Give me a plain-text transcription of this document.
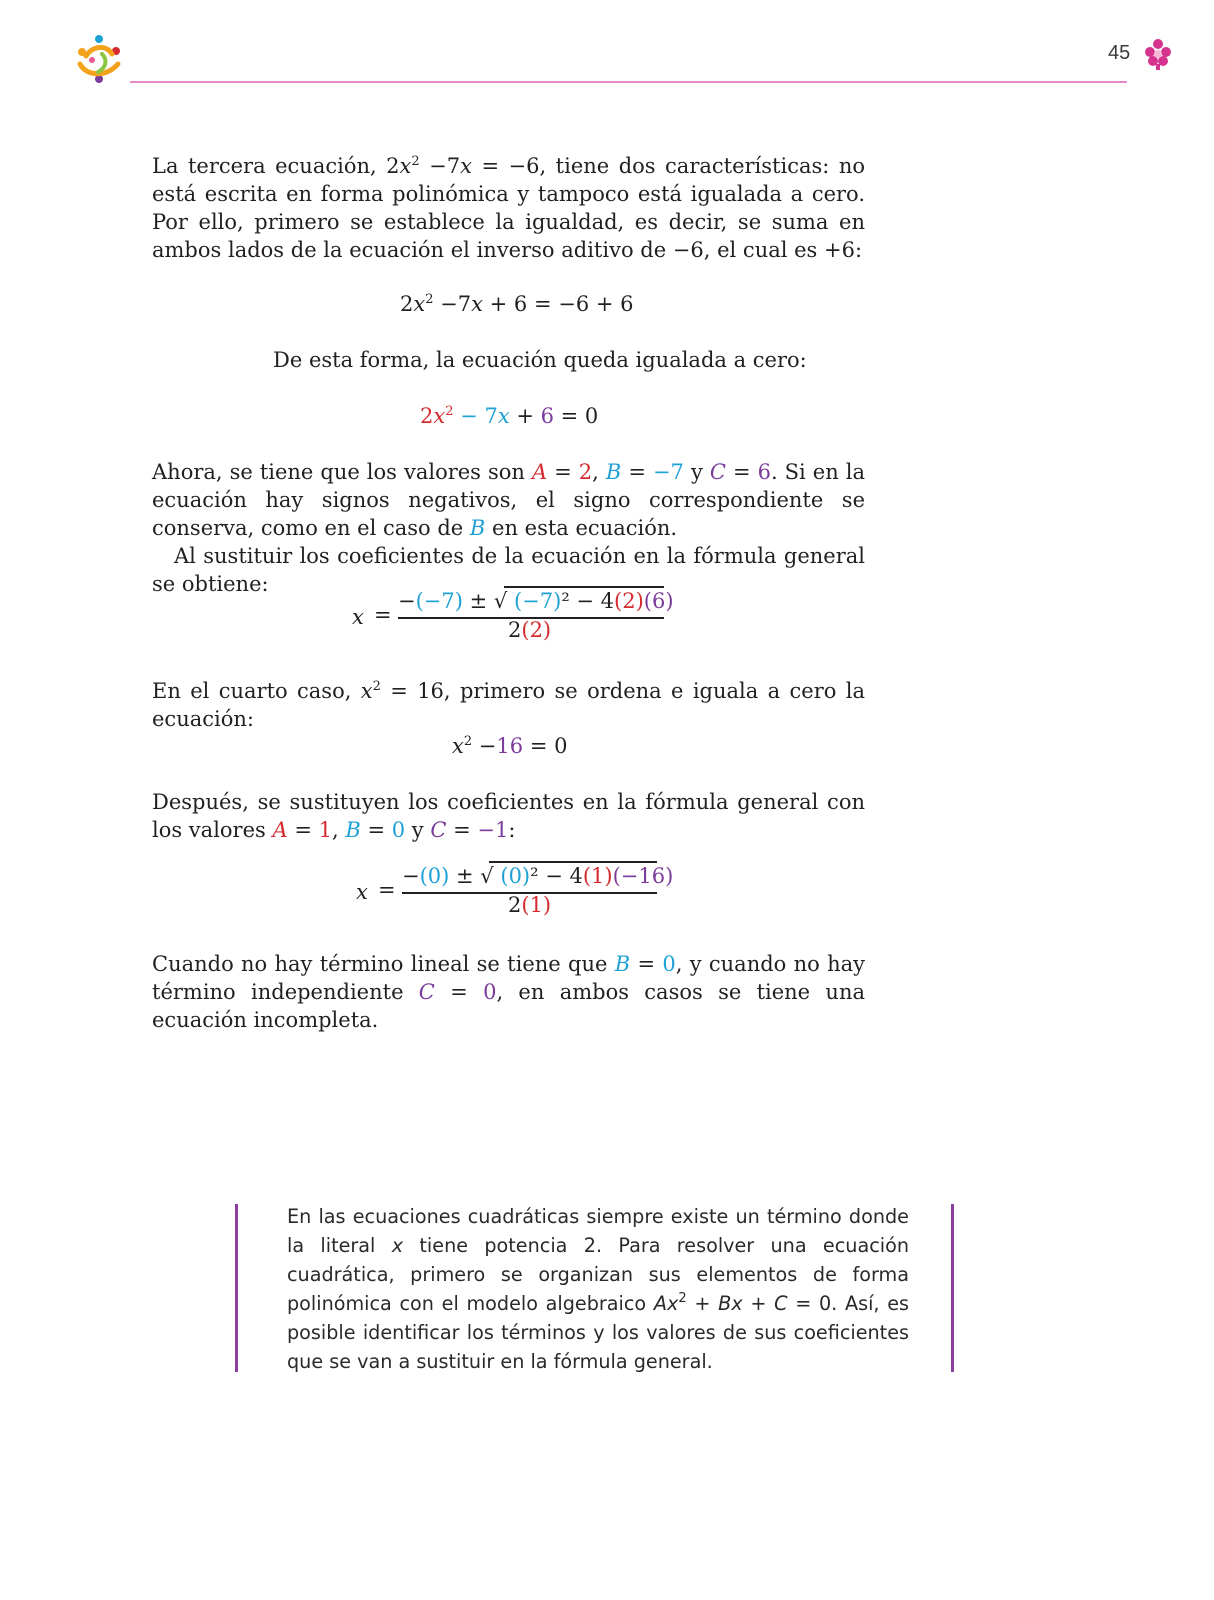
45

La tercera ecuación, $2x^2 -7x = -6$, tiene dos características: no está escrita en forma polinómica y tampoco está igualada a cero. Por ello, primero se establece la igualdad, es decir, se suma en ambos lados de la ecuación el inverso aditivo de −6, el cual es +6:

$2x^2 -7x + 6 = -6 + 6$
De esta forma, la ecuación queda igualada a cero:
$2x^2 - 7x + 6 = 0$

Ahora, se tiene que los valores son A = 2, B = −7 y C = 6. Si en la ecuación hay signos negativos, el signo correspondiente se conserva, como en el caso de B en esta ecuación.

Al sustituir los coeficientes de la ecuación en la fórmula general se obtiene:

x =
−(−7) ± √ (−7)² − 4(2)(6)
2(2)

En el cuarto caso, $x^2 = 16$, primero se ordena e iguala a cero la ecuación:

$x^2 -16 = 0$

Después, se sustituyen los coeficientes en la fórmula general con los valores A = 1, B = 0 y C = −1:

x =
−(0) ± √ (0)² − 4(1)(−16)
2(1)

Cuando no hay término lineal se tiene que B = 0, y cuando no hay término independiente C = 0, en ambos casos se tiene una ecuación incompleta.

En las ecuaciones cuadráticas siempre existe un término donde la literal x tiene potencia 2. Para resolver una ecuación cuadrática, primero se organizan sus elementos de forma polinómica con el modelo algebraico $Ax^2 + Bx + C = 0$. Así, es posible identificar los términos y los valores de sus coeficientes que se van a sustituir en la fórmula general.
